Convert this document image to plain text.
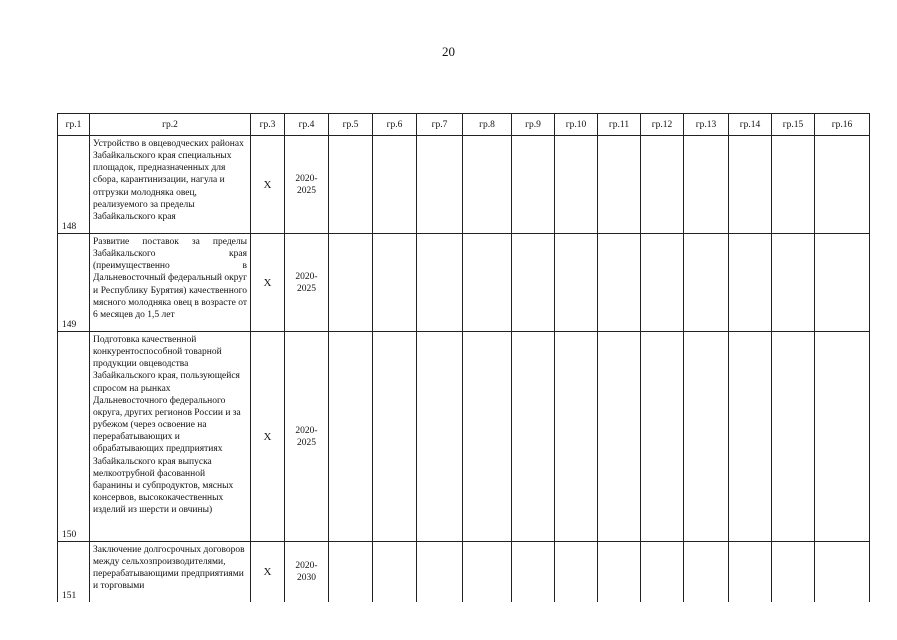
20
гр.1	гр.2	гр.3	гр.4	гр.5	гр.6	гр.7	гр.8	гр.9	гр.10	гр.11	гр.12	гр.13	гр.14	гр.15	гр.16
148	Устройство в овцеводческих районах Забайкальского края специальных площадок, предназначенных для сбора, карантинизации, нагула и отгрузки молодняка овец, реализуемого за пределы Забайкальского края	Х	2020-
2025												
149	Развитие поставок за пределы Забайкальского края (преимущественно в Дальневосточный федеральный округ и Республику Бурятия) качественного мясного молодняка овец в возрасте от 6 месяцев до 1,5 лет	Х	2020-
2025												
150	Подготовка качественной конкурентоспособной товарной продукции овцеводства Забайкальского края, пользующейся спросом на рынках Дальневосточного федерального округа, других регионов России и за рубежом (через освоение на перерабатывающих и обрабатывающих предприятиях Забайкальского края выпуска мелкоотрубной фасованной баранины и субпродуктов, мясных консервов, высококачественных изделий из шерсти и овчины)	Х	2020-
2025												
151	Заключение долгосрочных договоров между сельхозпроизводителями, перерабатывающими предприятиями и торговыми	Х	2020-
2030												
